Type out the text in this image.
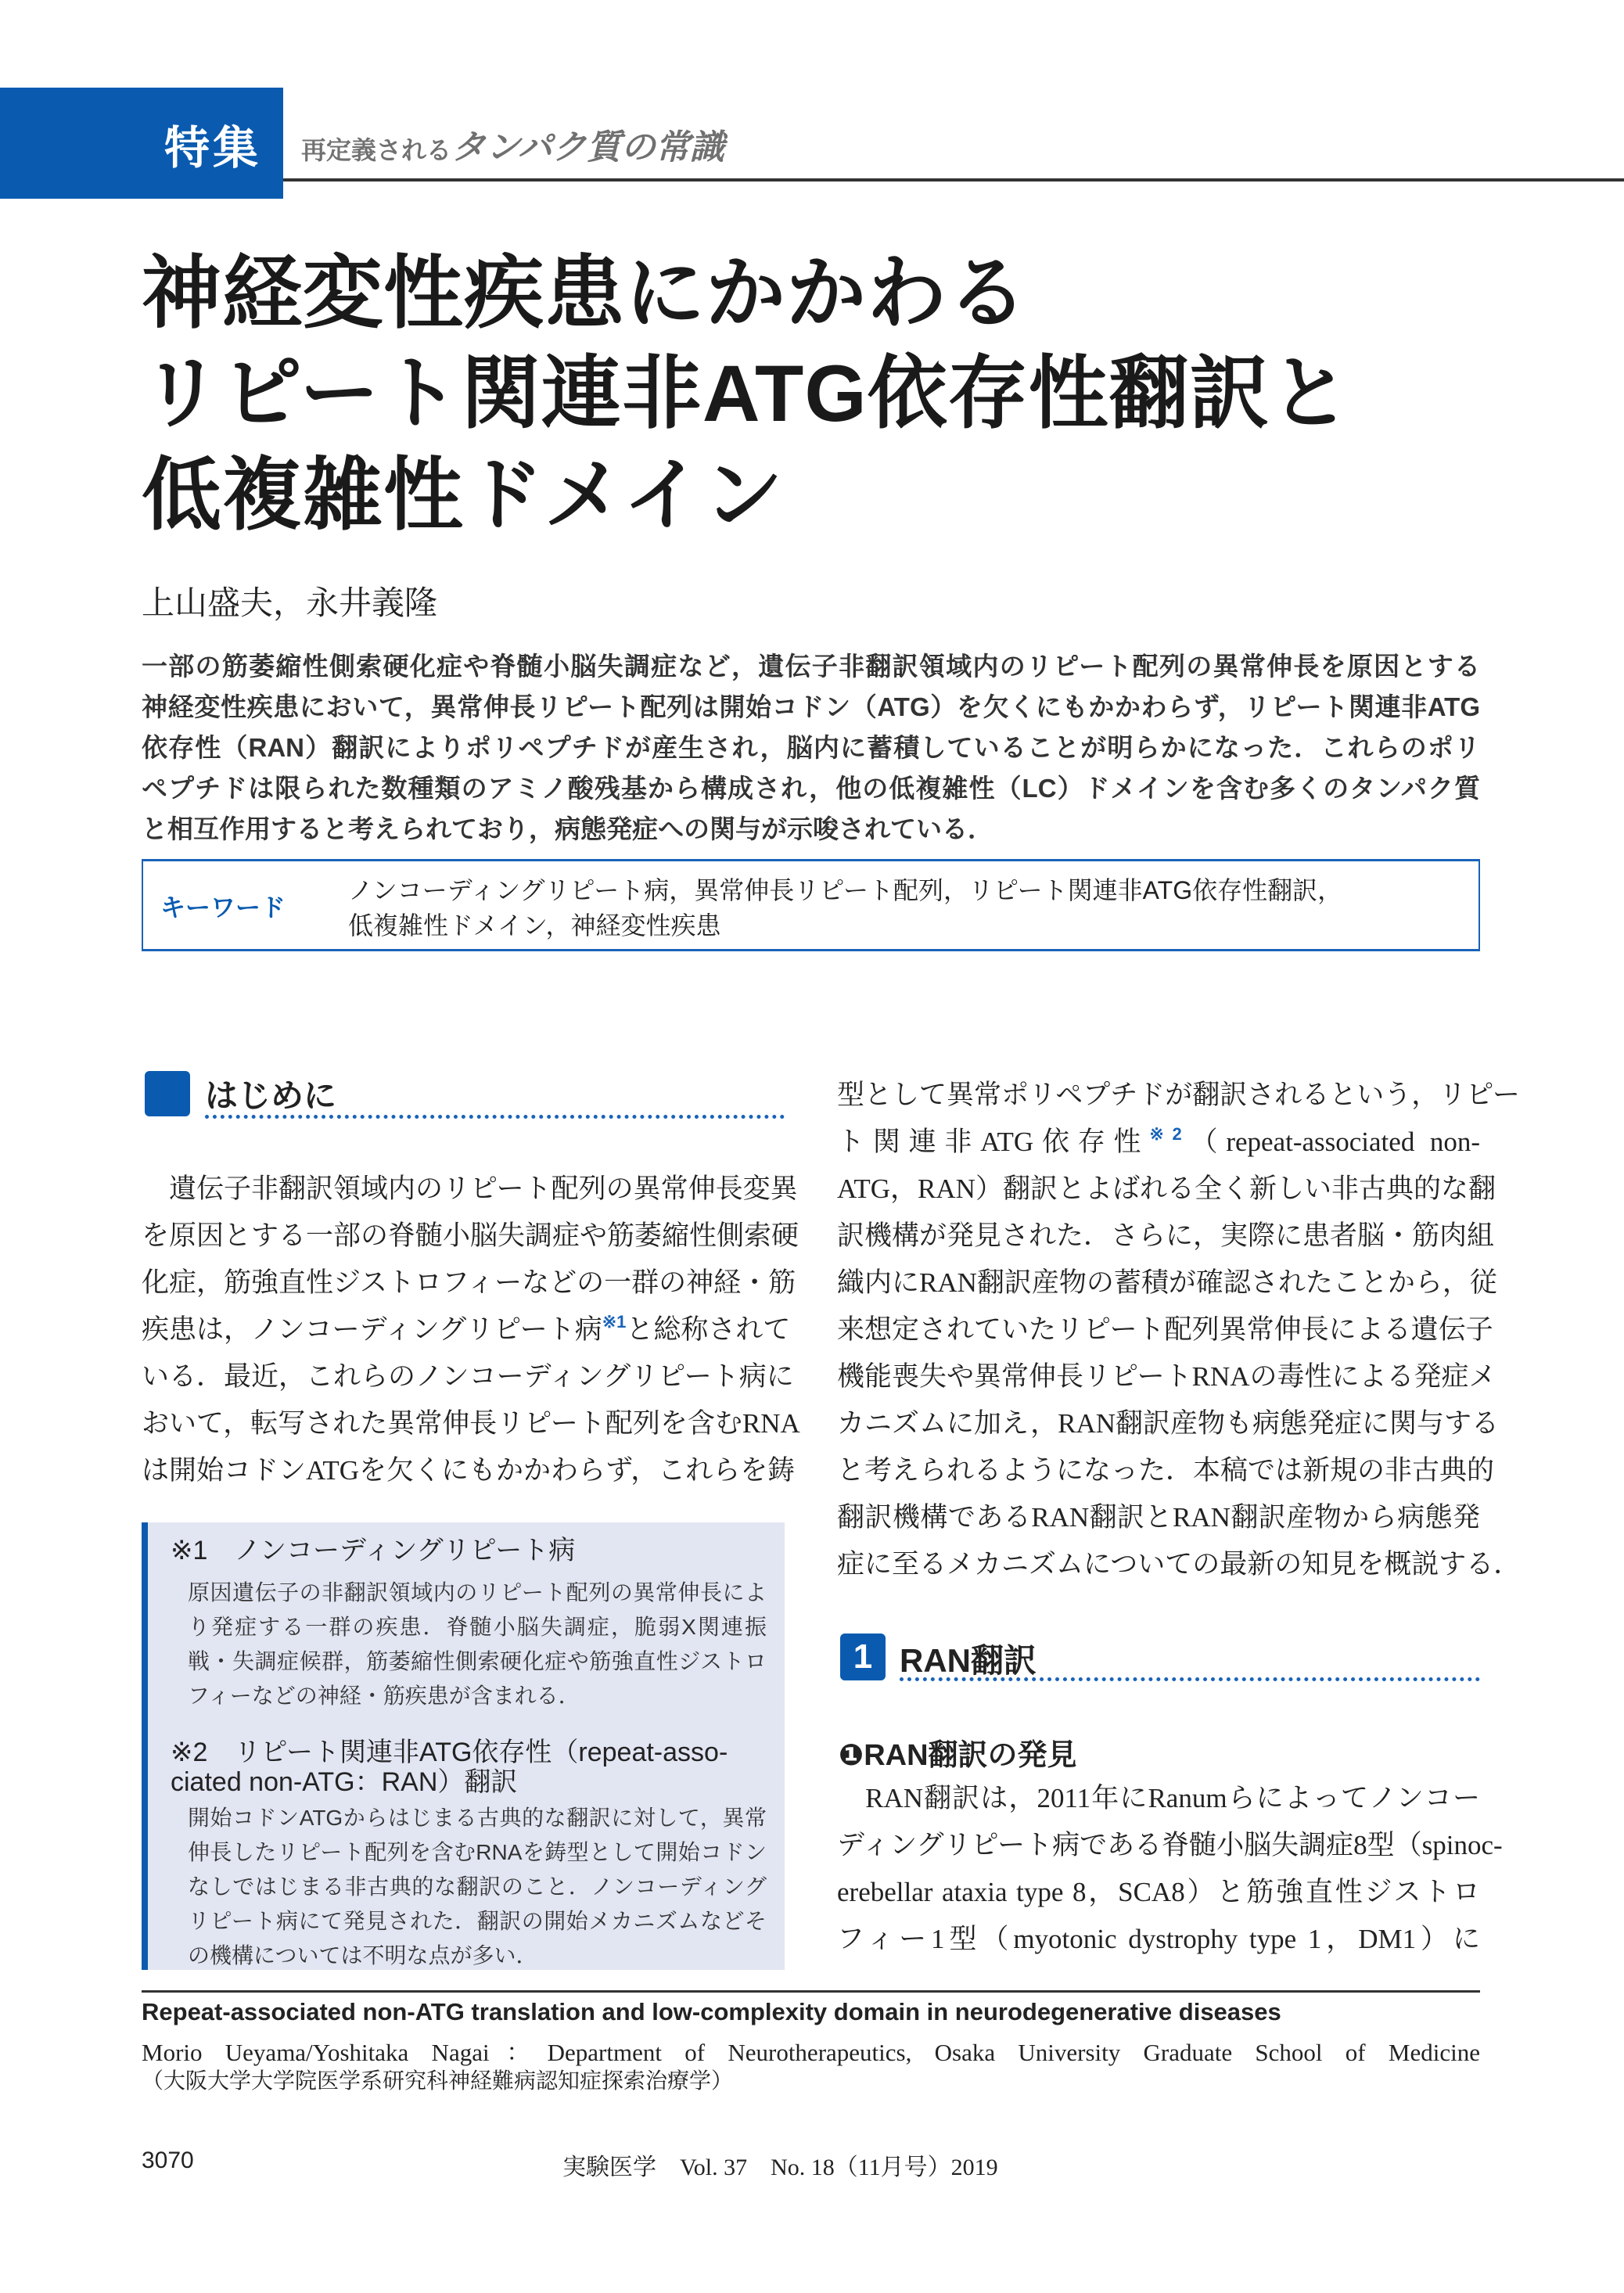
特集 再定義されるタンパク質の常識
神経変性疾患にかかわる
リピート関連非ATG依存性翻訳と
低複雑性ドメイン
上山盛夫，永井義隆
一部の筋萎縮性側索硬化症や脊髄小脳失調症など，遺伝子非翻訳領域内のリピート配列の異常伸長を原因とする
神経変性疾患において，異常伸長リピート配列は開始コドン（ATG）を欠くにもかかわらず，リピート関連非ATG
依存性（RAN）翻訳によりポリペプチドが産生され，脳内に蓄積していることが明らかになった．これらのポリ
ペプチドは限られた数種類のアミノ酸残基から構成され，他の低複雑性（LC）ドメインを含む多くのタンパク質
と相互作用すると考えられており，病態発症への関与が示唆されている．
キーワード
ノンコーディングリピート病，異常伸長リピート配列，リピート関連非ATG依存性翻訳，
低複雑性ドメイン，神経変性疾患
はじめに
　遺伝子非翻訳領域内のリピート配列の異常伸長変異
を原因とする一部の脊髄小脳失調症や筋萎縮性側索硬
化症，筋強直性ジストロフィーなどの一群の神経・筋
疾患は，ノンコーディングリピート病$^{※1}$と総称されて
いる．最近，これらのノンコーディングリピート病に
おいて，転写された異常伸長リピート配列を含むRNA
は開始コドンATGを欠くにもかかわらず，これらを鋳
※1　ノンコーディングリピート病
原因遺伝子の非翻訳領域内のリピート配列の異常伸長によ
り発症する一群の疾患．脊髄小脳失調症，脆弱X関連振
戦・失調症候群，筋萎縮性側索硬化症や筋強直性ジストロ
フィーなどの神経・筋疾患が含まれる．
※2　リピート関連非ATG依存性（repeat-asso-
ciated non-ATG：RAN）翻訳
開始コドンATGからはじまる古典的な翻訳に対して，異常
伸長したリピート配列を含むRNAを鋳型として開始コドン
なしではじまる非古典的な翻訳のこと．ノンコーディング
リピート病にて発見された．翻訳の開始メカニズムなどそ
の機構については不明な点が多い．
型として異常ポリペプチドが翻訳されるという，リピー
ト関連非ATG依存性$^{※2}$（repeat-associated non-
ATG，RAN）翻訳とよばれる全く新しい非古典的な翻
訳機構が発見された．さらに，実際に患者脳・筋肉組
織内にRAN翻訳産物の蓄積が確認されたことから，従
来想定されていたリピート配列異常伸長による遺伝子
機能喪失や異常伸長リピートRNAの毒性による発症メ
カニズムに加え，RAN翻訳産物も病態発症に関与する
と考えられるようになった．本稿では新規の非古典的
翻訳機構であるRAN翻訳とRAN翻訳産物から病態発
症に至るメカニズムについての最新の知見を概説する．
1 RAN翻訳
❶RAN翻訳の発見
　RAN翻訳は，2011年にRanumらによってノンコー
ディングリピート病である脊髄小脳失調症8型（spinoc-
erebellar ataxia type 8，SCA8）と筋強直性ジストロ
フィー1型（myotonic dystrophy type 1，DM1）に
Repeat-associated non-ATG translation and low-complexity domain in neurodegenerative diseases
Morio Ueyama/Yoshitaka Nagai：Department of Neurotherapeutics, Osaka University Graduate School of Medicine
（大阪大学大学院医学系研究科神経難病認知症探索治療学）
3070	実験医学　Vol. 37　No. 18（11月号）2019
